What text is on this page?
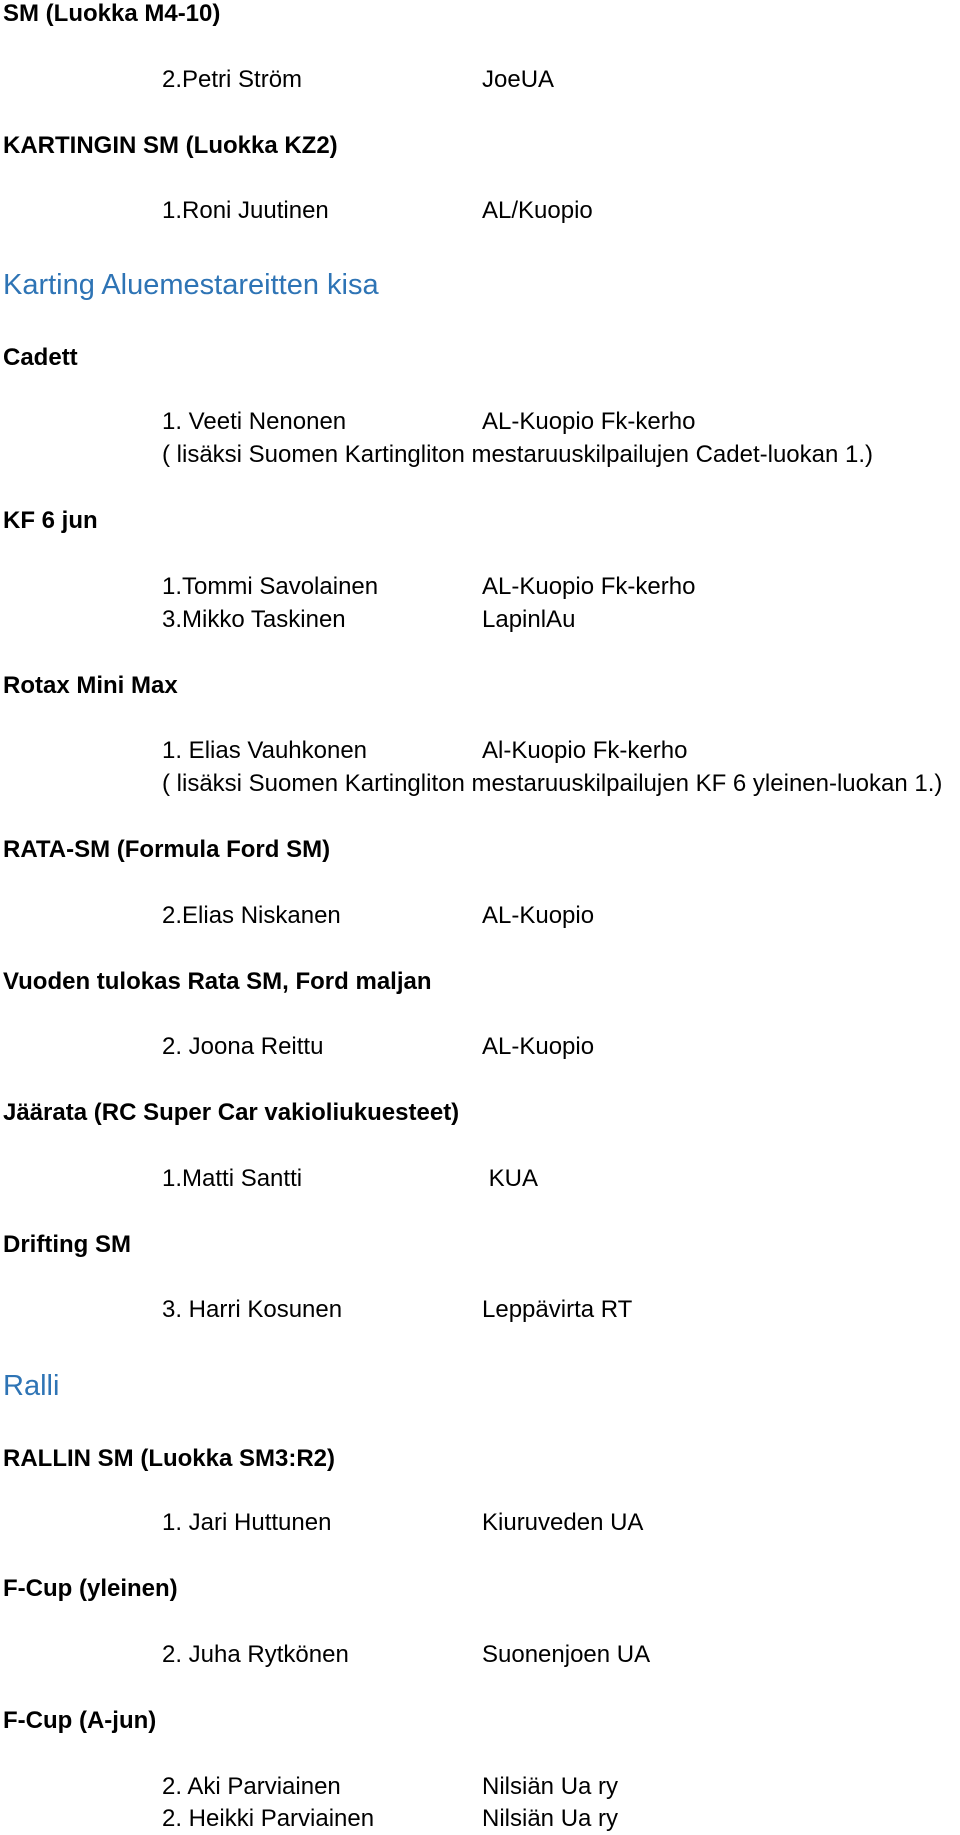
SM (Luokka M4-10)
2.Petri Ström	JoeUA
KARTINGIN SM (Luokka KZ2)
1.Roni Juutinen	AL/Kuopio
Karting Aluemestareitten kisa
Cadett
1. Veeti Nenonen	AL-Kuopio Fk-kerho
( lisäksi Suomen Kartingliton mestaruuskilpailujen Cadet-luokan 1.)
KF 6 jun
1.Tommi Savolainen	AL-Kuopio Fk-kerho
3.Mikko Taskinen	LapinlAu
Rotax Mini Max
1. Elias Vauhkonen	Al-Kuopio Fk-kerho
( lisäksi Suomen Kartingliton mestaruuskilpailujen KF 6 yleinen-luokan 1.)
RATA-SM (Formula Ford SM)
2.Elias Niskanen	AL-Kuopio
Vuoden tulokas Rata SM, Ford maljan
2. Joona Reittu	AL-Kuopio
Jäärata (RC Super Car vakioliukuesteet)
1.Matti Santti	KUA
Drifting SM
3. Harri Kosunen	Leppävirta RT
Ralli
RALLIN SM (Luokka SM3:R2)
1. Jari Huttunen	Kiuruveden UA
F-Cup (yleinen)
2. Juha Rytkönen	Suonenjoen UA
F-Cup (A-jun)
2. Aki Parviainen	Nilsiän Ua ry
2. Heikki Parviainen	Nilsiän Ua ry
